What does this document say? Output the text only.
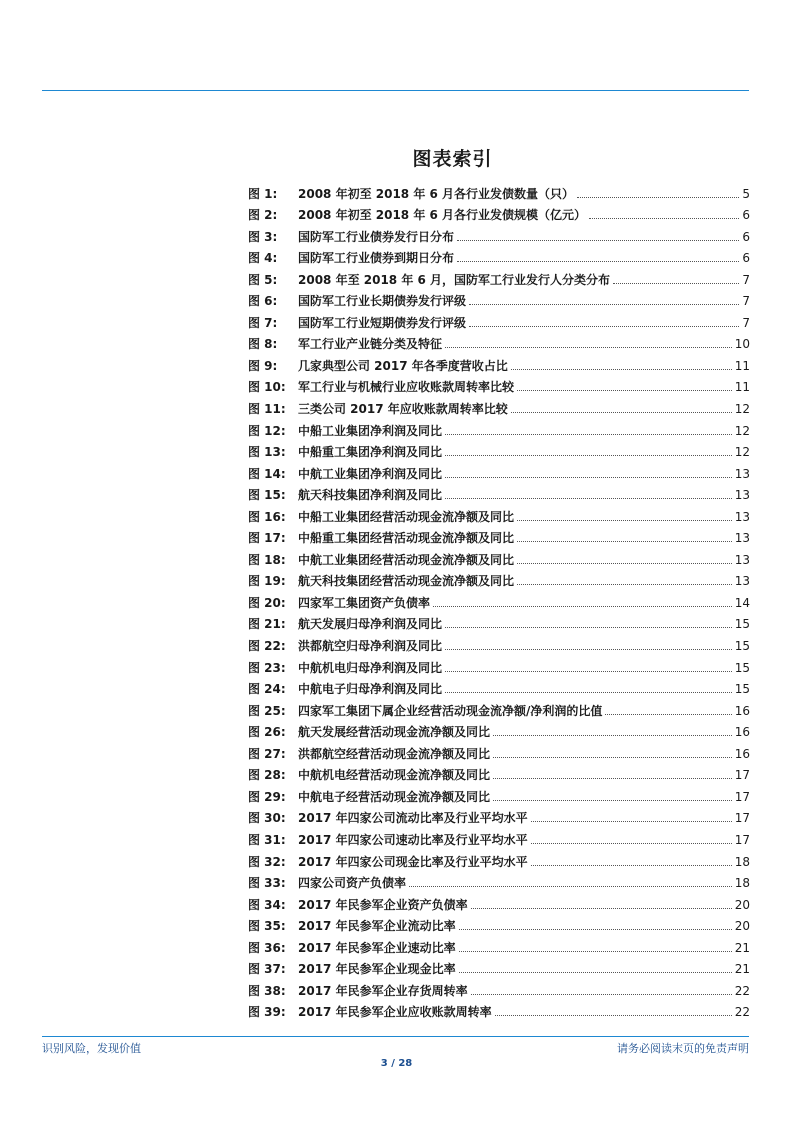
图表索引
图 1: 2008 年初至 2018 年 6 月各行业发债数量（只）	5
图 2: 2008 年初至 2018 年 6 月各行业发债规模（亿元）	6
图 3: 国防军工行业债券发行日分布	6
图 4: 国防军工行业债券到期日分布	6
图 5: 2008 年至 2018 年 6 月，国防军工行业发行人分类分布	7
图 6: 国防军工行业长期债券发行评级	7
图 7: 国防军工行业短期债券发行评级	7
图 8: 军工行业产业链分类及特征	10
图 9: 几家典型公司 2017 年各季度营收占比	11
图 10: 军工行业与机械行业应收账款周转率比较	11
图 11: 三类公司 2017 年应收账款周转率比较	12
图 12: 中船工业集团净利润及同比	12
图 13: 中船重工集团净利润及同比	12
图 14: 中航工业集团净利润及同比	13
图 15: 航天科技集团净利润及同比	13
图 16: 中船工业集团经营活动现金流净额及同比	13
图 17: 中船重工集团经营活动现金流净额及同比	13
图 18: 中航工业集团经营活动现金流净额及同比	13
图 19: 航天科技集团经营活动现金流净额及同比	13
图 20: 四家军工集团资产负债率	14
图 21: 航天发展归母净利润及同比	15
图 22: 洪都航空归母净利润及同比	15
图 23: 中航机电归母净利润及同比	15
图 24: 中航电子归母净利润及同比	15
图 25: 四家军工集团下属企业经营活动现金流净额/净利润的比值	16
图 26: 航天发展经营活动现金流净额及同比	16
图 27: 洪都航空经营活动现金流净额及同比	16
图 28: 中航机电经营活动现金流净额及同比	17
图 29: 中航电子经营活动现金流净额及同比	17
图 30: 2017 年四家公司流动比率及行业平均水平	17
图 31: 2017 年四家公司速动比率及行业平均水平	17
图 32: 2017 年四家公司现金比率及行业平均水平	18
图 33: 四家公司资产负债率	18
图 34: 2017 年民参军企业资产负债率	20
图 35: 2017 年民参军企业流动比率	20
图 36: 2017 年民参军企业速动比率	21
图 37: 2017 年民参军企业现金比率	21
图 38: 2017 年民参军企业存货周转率	22
图 39: 2017 年民参军企业应收账款周转率	22
识别风险，发现价值	请务必阅读末页的免责声明
3 / 28
